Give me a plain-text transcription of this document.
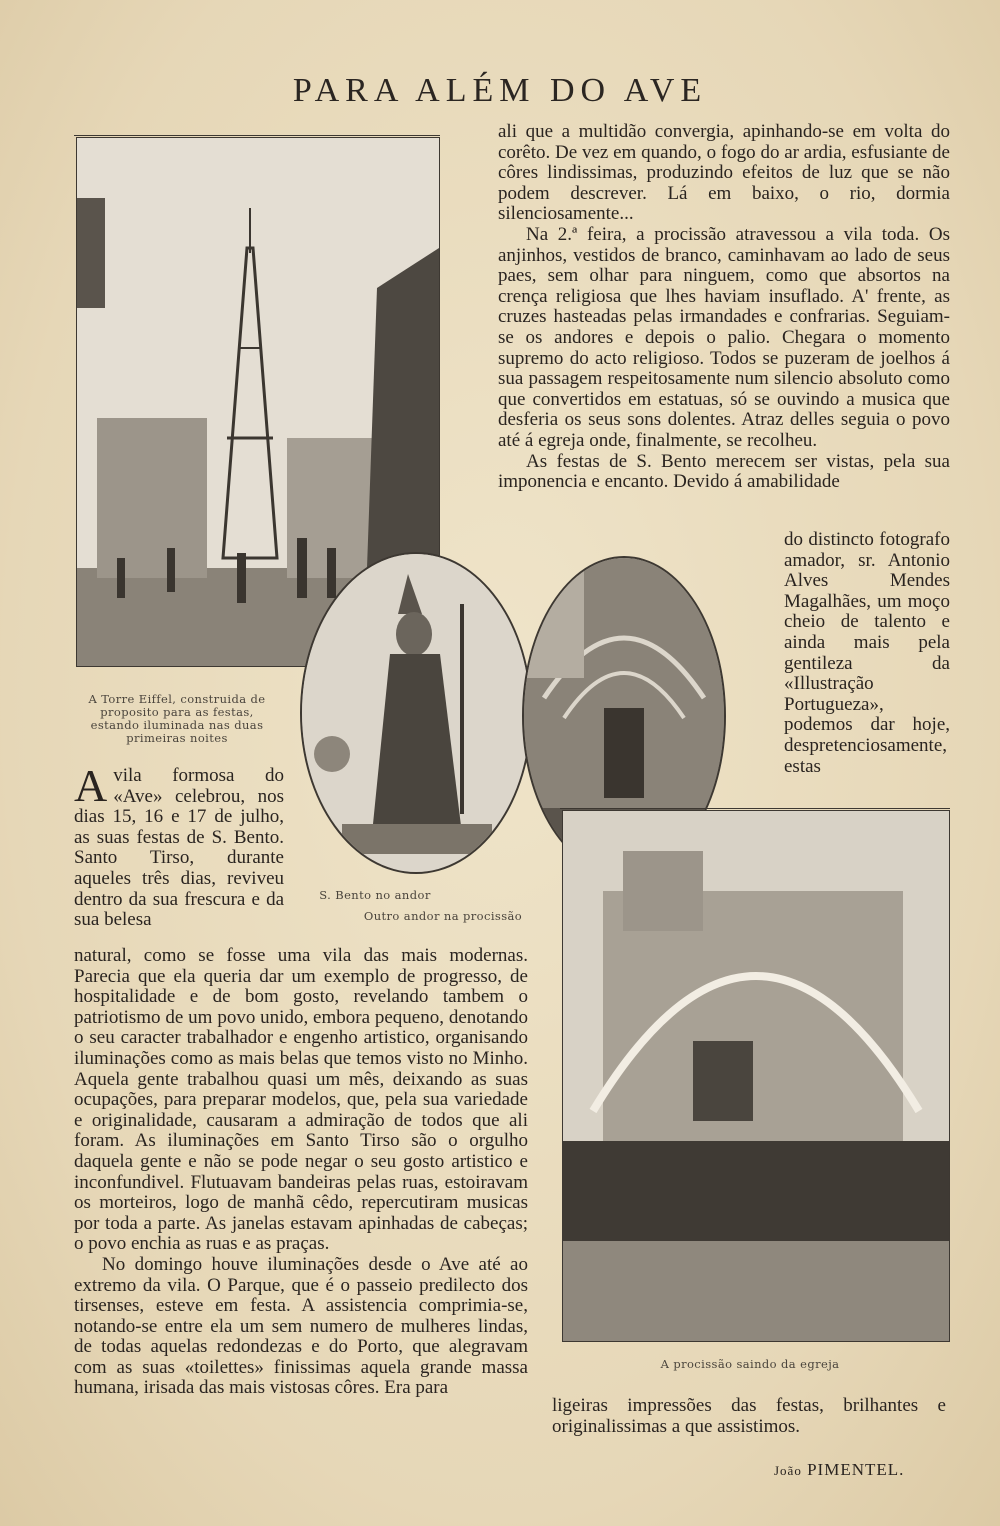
PARA ALÉM DO AVE
A Torre Eiffel, construida de proposito para as festas, estando iluminada nas duas primeiras noites
S. Bento no andor
Outro andor na procissão
A procissão saindo da egreja

ali que a multidão convergia, apinhando-se em volta do corêto. De vez em quando, o fogo do ar ardia, esfusiante de côres lindissimas, produzindo efeitos de luz que se não podem descrever. Lá em baixo, o rio, dormia silenciosamente...

Na 2.ª feira, a procissão atravessou a vila toda. Os anjinhos, vestidos de branco, caminhavam ao lado de seus paes, sem olhar para ninguem, como que absortos na crença religiosa que lhes haviam insuflado. A' frente, as cruzes hasteadas pelas irmandades e confrarias. Seguiam-se os andores e depois o palio. Chegara o momento supremo do acto religioso. Todos se puzeram de joelhos á sua passagem respeitosamente num silencio absoluto como que convertidos em estatuas, só se ouvindo a musica que desferia os seus sons dolentes. Atraz delles seguia o povo até á egreja onde, finalmente, se recolheu.

As festas de S. Bento merecem ser vistas, pela sua imponencia e encanto. Devido á amabilidade

do distincto fotografo amador, sr. Antonio Alves Mendes Magalhães, um moço cheio de talento e ainda mais pela gentileza da «Illustração Portugueza», podemos dar hoje, despretenciosamente, estas

Avila formosa do «Ave» celebrou, nos dias 15, 16 e 17 de julho, as suas festas de S. Bento. Santo Tirso, durante aqueles três dias, reviveu dentro da sua frescura e da sua belesa

natural, como se fosse uma vila das mais modernas. Parecia que ela queria dar um exemplo de progresso, de hospitalidade e de bom gosto, revelando tambem o patriotismo de um povo unido, embora pequeno, denotando o seu caracter trabalhador e engenho artistico, organisando iluminações como as mais belas que temos visto no Minho. Aquela gente trabalhou quasi um mês, deixando as suas ocupações, para preparar modelos, que, pela sua variedade e originalidade, causaram a admiração de todos que ali foram. As iluminações em Santo Tirso são o orgulho daquela gente e não se pode negar o seu gosto artistico e inconfundivel. Flutuavam bandeiras pelas ruas, estoiravam os morteiros, logo de manhã cêdo, repercutiram musicas por toda a parte. As janelas estavam apinhadas de cabeças; o povo enchia as ruas e as praças.

No domingo houve iluminações desde o Ave até ao extremo da vila. O Parque, que é o passeio predilecto dos tirsenses, esteve em festa. A assistencia comprimia-se, notando-se entre ela um sem numero de mulheres lindas, de todas aquelas redondezas e do Porto, que alegravam com as suas «toilettes» finissimas aquela grande massa humana, irisada das mais vistosas côres. Era para

ligeiras impressões das festas, brilhantes e originalissimas a que assistimos.

João PIMENTEL.
